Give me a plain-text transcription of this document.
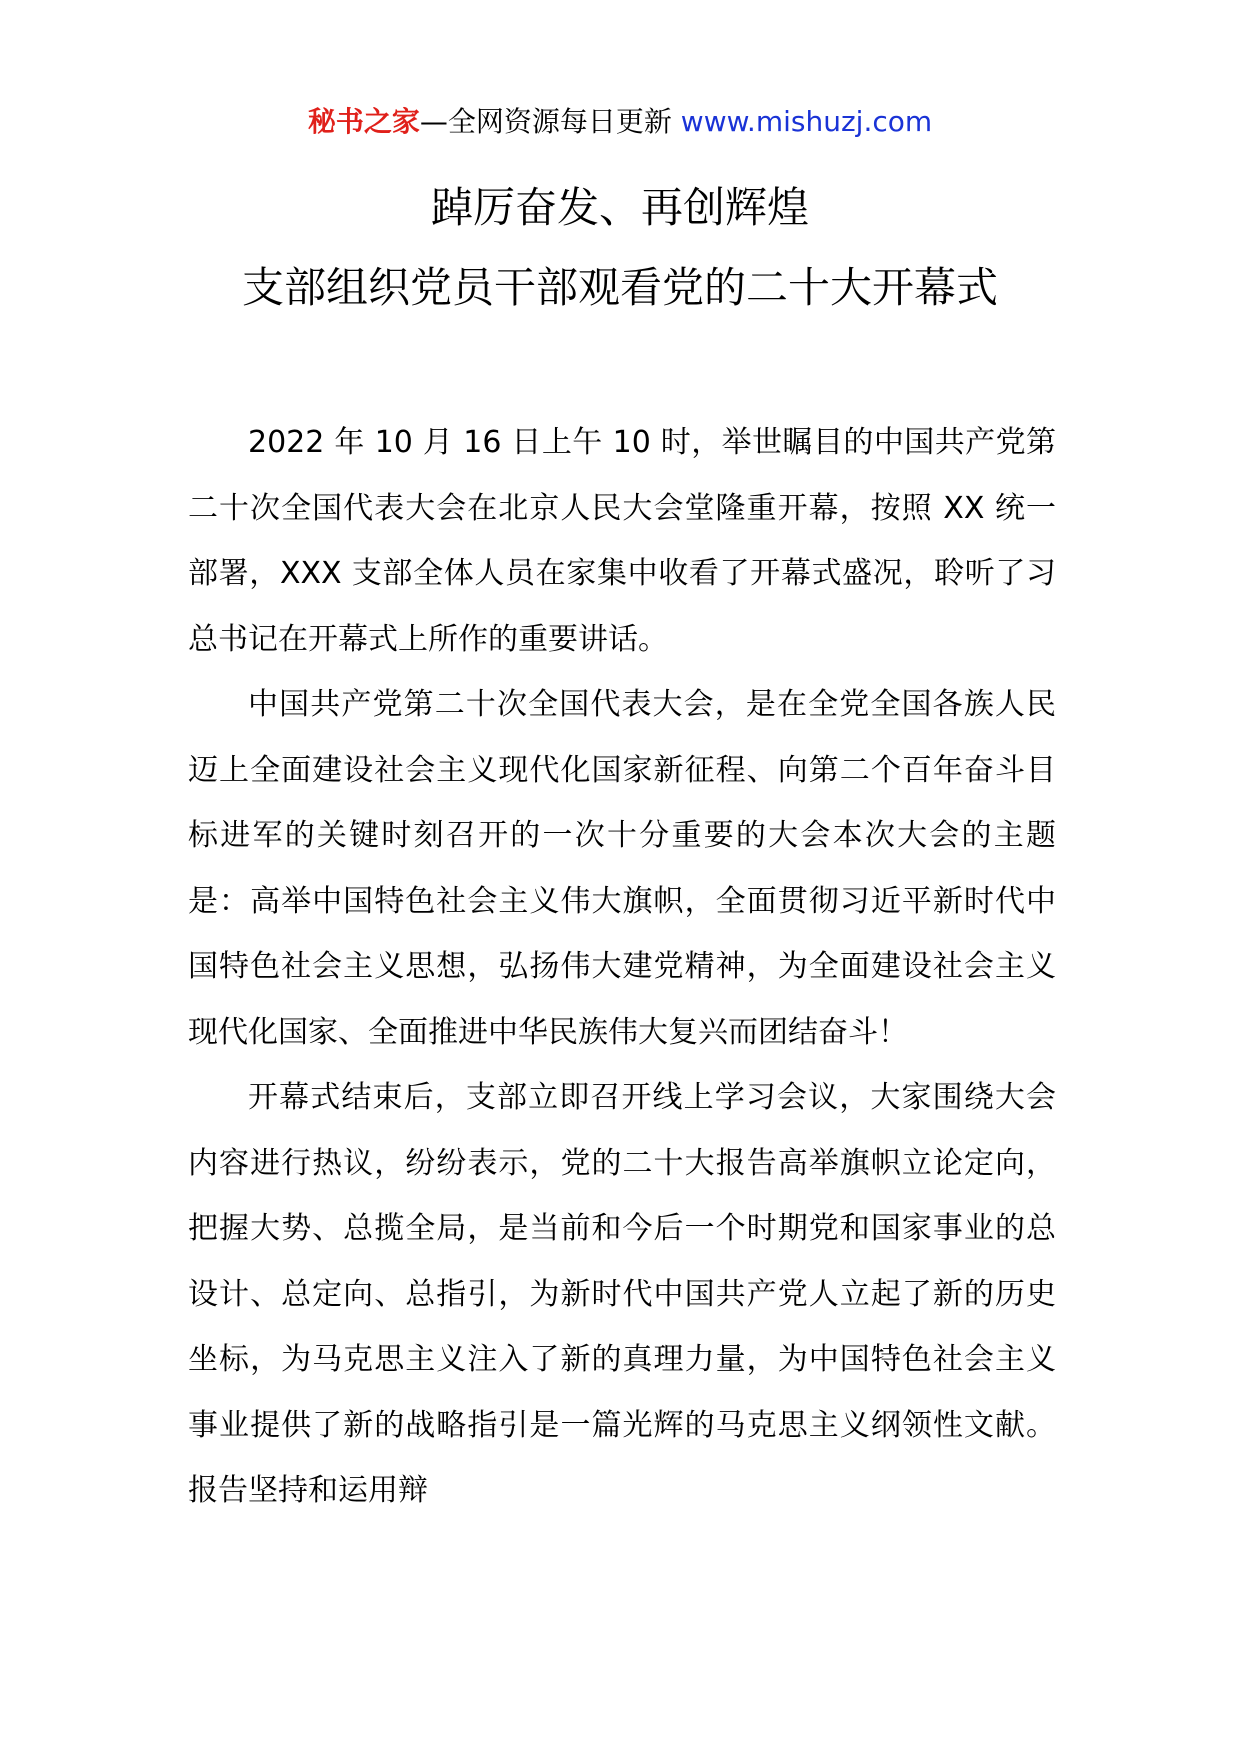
秘书之家—全网资源每日更新 www.mishuzj.com
踔厉奋发、再创辉煌
支部组织党员干部观看党的二十大开幕式

2022 年 10 月 16 日上午 10 时，举世瞩目的中国共产党第二十次全国代表大会在北京人民大会堂隆重开幕，按照 XX 统一部署，XXX 支部全体人员在家集中收看了开幕式盛况，聆听了习总书记在开幕式上所作的重要讲话。

中国共产党第二十次全国代表大会，是在全党全国各族人民迈上全面建设社会主义现代化国家新征程、向第二个百年奋斗目标进军的关键时刻召开的一次十分重要的大会本次大会的主题是：高举中国特色社会主义伟大旗帜，全面贯彻习近平新时代中国特色社会主义思想，弘扬伟大建党精神，为全面建设社会主义现代化国家、全面推进中华民族伟大复兴而团结奋斗！

开幕式结束后，支部立即召开线上学习会议，大家围绕大会内容进行热议，纷纷表示，党的二十大报告高举旗帜立论定向，把握大势、总揽全局，是当前和今后一个时期党和国家事业的总设计、总定向、总指引，为新时代中国共产党人立起了新的历史坐标，为马克思主义注入了新的真理力量，为中国特色社会主义事业提供了新的战略指引是一篇光辉的马克思主义纲领性文献。报告坚持和运用辩
